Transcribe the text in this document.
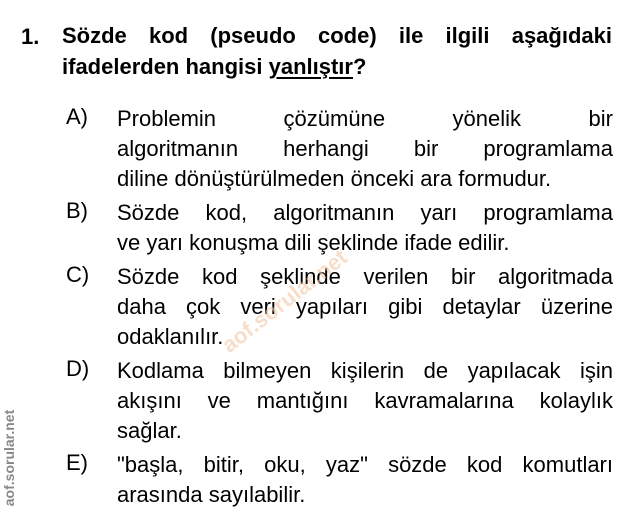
1. Sözde kod (pseudo code) ile ilgili aşağıdaki
ifadelerden hangisi yanlıştır?
A) Problemin çözümüne yönelik bir
algoritmanın herhangi bir programlama
diline dönüştürülmeden önceki ara formudur.
B) Sözde kod, algoritmanın yarı programlama
ve yarı konuşma dili şeklinde ifade edilir.
C) Sözde kod şeklinde verilen bir algoritmada
daha çok veri yapıları gibi detaylar üzerine
odaklanılır.
D) Kodlama bilmeyen kişilerin de yapılacak işin
akışını ve mantığını kavramalarına kolaylık
sağlar.
E) "başla, bitir, oku, yaz" sözde kod komutları
arasında sayılabilir.
aof.sorular.net
aof.sorular.net
